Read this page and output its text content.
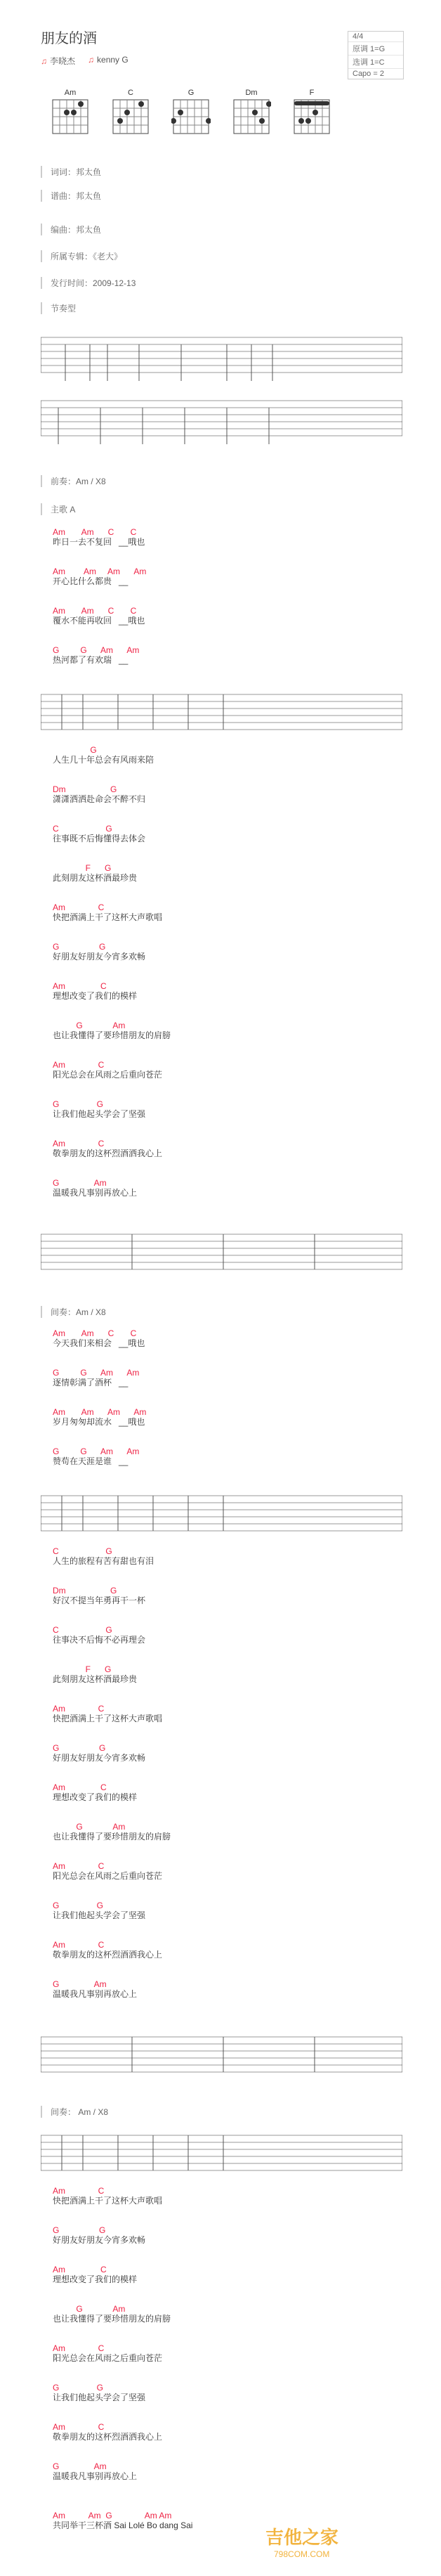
朋友的酒
♫ 李晓杰 ♫ kenny G
4/4
原调 1=G
选调 1=C
Capo = 2
Am	C	G	Dm	F
词词：邦太鱼
谱曲：邦太鱼
编曲：邦太鱼
所属专辑：《老大》
发行时间：2009-12-13
节奏型
前奏：Am / X8
主歌 A
Am       Am      C       C
昨日一去不复回   __哦也
Am        Am     Am      Am
开心比什么都贵   __
Am       Am      C       C
覆水不能再收回   __哦也
G         G      Am      Am
热河都了有欢瑞   __
G
人生几十年总会有风雨来陪
Dm                   G
潇潇洒洒赴命会不醉不归
C                    G
往事既不后悔懂得去体会
F      G
此刻朋友这杯酒最珍贵
Am              C
快把酒满上干了这杯大声歌唱
G                 G
好朋友好朋友今宵多欢畅
Am               C
理想改变了我们的模样
G             Am
也让我懂得了要珍惜朋友的肩膀
Am              C
阳光总会在风雨之后重向苍茫
G                G
让我们他起头学会了坚强
Am              C
敬拳朋友的这杯烈酒洒我心上
G               Am
温暖我凡事别再放心上
间奏：Am / X8
Am       Am      C       C
今天我们来相会   __哦也
G         G      Am      Am
逐情彰满了酒杯   __
Am       Am      Am      Am
岁月匆匆却流水   __哦也
G         G      Am      Am
赞苟在天涯是谁   __
C                    G
人生的旅程有苦有甜也有泪
Dm                   G
好汉不提当年勇再干一杯
C                    G
往事决不后悔不必再理会
F      G
此刻朋友这杯酒最珍贵
Am              C
快把酒满上干了这杯大声歌唱
G                 G
好朋友好朋友今宵多欢畅
Am               C
理想改变了我们的模样
G             Am
也让我懂得了要珍惜朋友的肩膀
Am              C
阳光总会在风雨之后重向苍茫
G                G
让我们他起头学会了坚强
Am              C
敬拳朋友的这杯烈酒洒我心上
G               Am
温暖我凡事别再放心上
间奏： Am / X8
Am              C
快把酒满上干了这杯大声歌唱
G                 G
好朋友好朋友今宵多欢畅
Am               C
理想改变了我们的模样
G             Am
也让我懂得了要珍惜朋友的肩膀
Am              C
阳光总会在风雨之后重向苍茫
G                G
让我们他起头学会了坚强
Am              C
敬拳朋友的这杯烈酒洒我心上
G               Am
温暖我凡事别再放心上
Am          Am  G              Am Am
共同举干三杯酒 Sai Lolé Bo dang Sai
吉他之家
798COM.COM
